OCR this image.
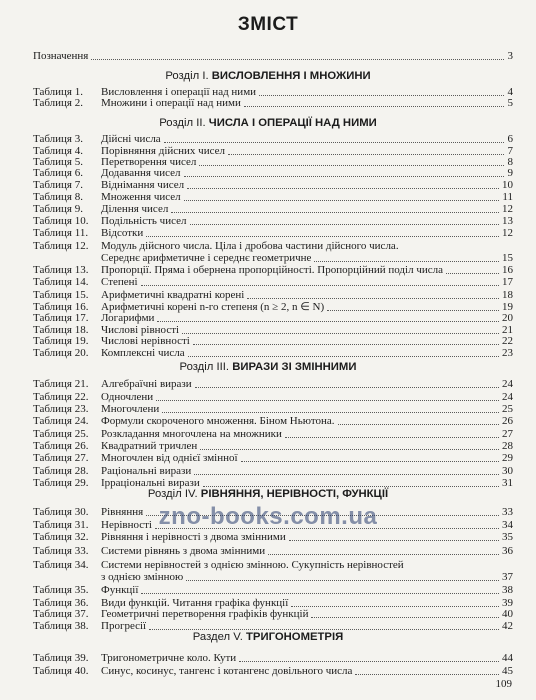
ЗМІСТ
Позначення	3
Розділ I. ВИСЛОВЛЕННЯ І МНОЖИНИ
Розділ II. ЧИСЛА І ОПЕРАЦІЇ НАД НИМИ
Розділ III. ВИРАЗИ ЗІ ЗМІННИМИ
Розділ IV. РІВНЯННЯ, НЕРІВНОСТІ, ФУНКЦІЇ
Раздел V. ТРИГОНОМЕТРІЯ
Таблиця 1. Висловлення і операції над ними	4
Таблиця 2. Множини і операції над ними	5
Таблиця 3. Дійсні числа	6
Таблиця 4. Порівняння дійсних чисел	7
Таблиця 5. Перетворення чисел	8
Таблиця 6. Додавання чисел	9
Таблиця 7. Віднімання чисел	10
Таблиця 8. Множення чисел	11
Таблиця 9. Ділення чисел	12
Таблиця 10. Подільність чисел	13
Таблиця 11. Відсотки	12
Таблиця 12. Модуль дійсного числа. Ціла і дробова частини дійсного числа.
Середнє арифметичне і середнє геометричне	15
Таблиця 13. Пропорції. Пряма і обернена пропорційності. Пропорційний поділ числа	16
Таблиця 14. Степені	17
Таблиця 15. Арифметичні квадратні корені	18
Таблиця 16. Арифметичні корені n-го степеня (n ≥ 2, n ∈ N)	19
Таблиця 17. Логарифми	20
Таблиця 18. Числові рівності	21
Таблиця 19. Числові нерівності	22
Таблиця 20. Комплексні числа	23
Таблиця 21. Алгебраїчні вирази	24
Таблиця 22. Одночлени	24
Таблиця 23. Многочлени	25
Таблиця 24. Формули скороченого множення. Біном Ньютона.	26
Таблиця 25. Розкладання многочлена на множники	27
Таблиця 26. Квадратний тричлен	28
Таблиця 27. Многочлен від однієї змінної	29
Таблиця 28. Раціональні вирази	30
Таблиця 29. Ірраціональні вирази	31
Таблиця 30. Рівняння	33
Таблиця 31. Нерівності	34
Таблиця 32. Рівняння і нерівності з двома змінними	35
Таблиця 33. Системи рівнянь з двома змінними	36
Таблиця 34. Системи нерівностей з однією змінною. Сукупність нерівностей
з однією змінною	37
Таблиця 35. Функції	38
Таблиця 36. Види функцій. Читання графіка функції	39
Таблиця 37. Геометричні перетворення графіків функцій	40
Таблиця 38. Прогресії	42
Таблиця 39. Тригонометричне коло. Кути	44
Таблиця 40. Синус, косинус, тангенс і котангенс довільного числа	45
zno-books.com.ua
109
